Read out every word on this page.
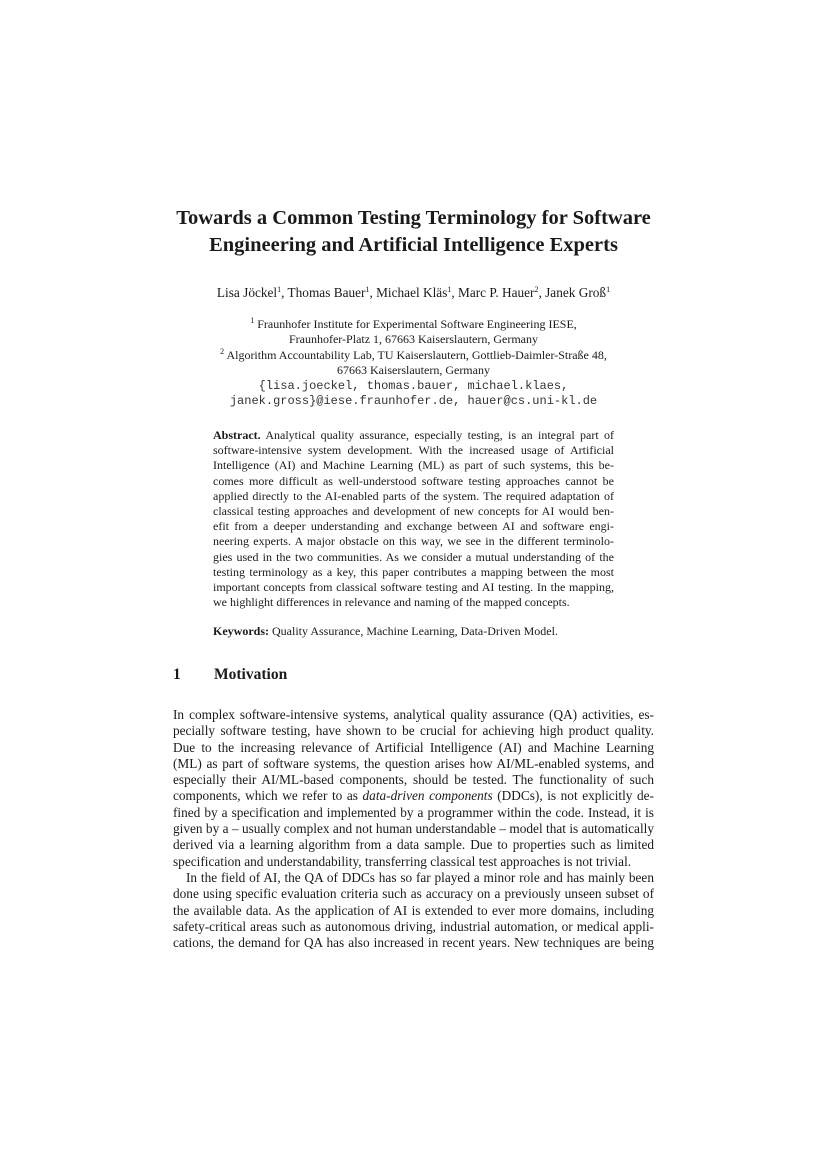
Towards a Common Testing Terminology for Software
Engineering and Artificial Intelligence Experts
Lisa Jöckel$^1$, Thomas Bauer$^1$, Michael Kläs$^1$, Marc P. Hauer$^2$, Janek Groß$^1$
$^1$ Fraunhofer Institute for Experimental Software Engineering IESE,
Fraunhofer-Platz 1, 67663 Kaiserslautern, Germany
$^2$ Algorithm Accountability Lab, TU Kaiserslautern, Gottlieb-Daimler-Straße 48,
67663 Kaiserslautern, Germany
{lisa.joeckel, thomas.bauer, michael.klaes,
janek.gross}@iese.fraunhofer.de, hauer@cs.uni-kl.de
Abstract. Analytical quality assurance, especially testing, is an integral part of
software-intensive system development. With the increased usage of Artificial
Intelligence (AI) and Machine Learning (ML) as part of such systems, this be-
comes more difficult as well-understood software testing approaches cannot be
applied directly to the AI-enabled parts of the system. The required adaptation of
classical testing approaches and development of new concepts for AI would ben-
efit from a deeper understanding and exchange between AI and software engi-
neering experts. A major obstacle on this way, we see in the different terminolo-
gies used in the two communities. As we consider a mutual understanding of the
testing terminology as a key, this paper contributes a mapping between the most
important concepts from classical software testing and AI testing. In the mapping,
we highlight differences in relevance and naming of the mapped concepts.
Keywords: Quality Assurance, Machine Learning, Data-Driven Model.
1 Motivation

In complex software-intensive systems, analytical quality assurance (QA) activities, es-
pecially software testing, have shown to be crucial for achieving high product quality.
Due to the increasing relevance of Artificial Intelligence (AI) and Machine Learning
(ML) as part of software systems, the question arises how AI/ML-enabled systems, and
especially their AI/ML-based components, should be tested. The functionality of such
components, which we refer to as data-driven components (DDCs), is not explicitly de-
fined by a specification and implemented by a programmer within the code. Instead, it is
given by a – usually complex and not human understandable – model that is automatically
derived via a learning algorithm from a data sample. Due to properties such as limited
specification and understandability, transferring classical test approaches is not trivial.

In the field of AI, the QA of DDCs has so far played a minor role and has mainly been
done using specific evaluation criteria such as accuracy on a previously unseen subset of
the available data. As the application of AI is extended to ever more domains, including
safety-critical areas such as autonomous driving, industrial automation, or medical appli-
cations, the demand for QA has also increased in recent years. New techniques are being
